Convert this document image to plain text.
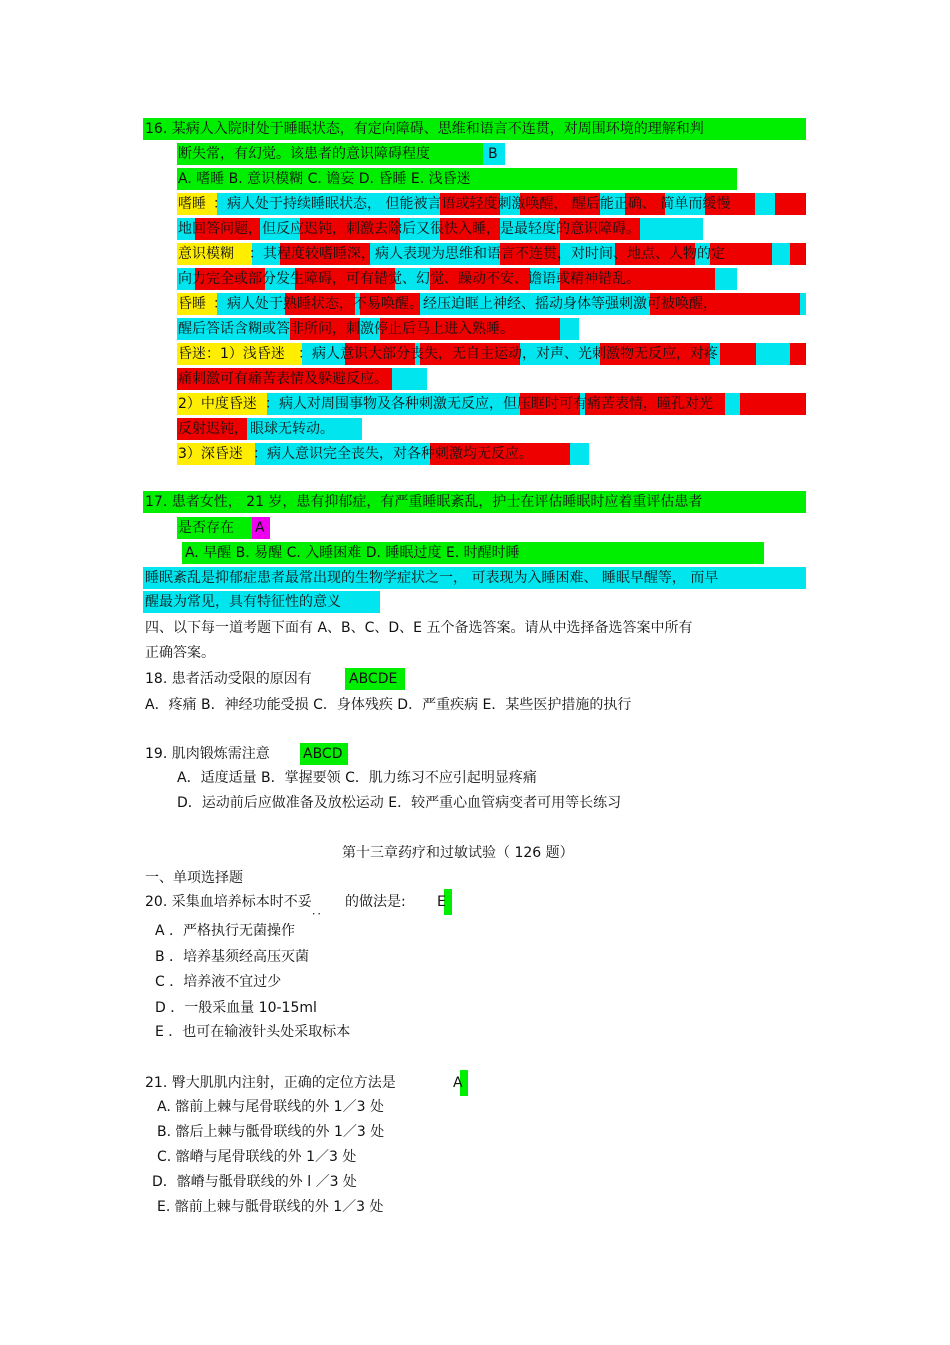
16. 某病人入院时处于睡眠状态，有定向障碍、思维和语言不连贯，对周围环境的理解和判
断失常，有幻觉。该患者的意识障碍程度	B
A. 嗜睡 B. 意识模糊 C. 谵妄 D. 昏睡 E. 浅昏迷
嗜睡 ：病人处于持续睡眠状态， 但能被言语或轻度刺激唤醒， 醒后能正确、 简单而缓慢
地回答问题，但反应迟钝，刺激去除后又很快入睡，是最轻度的意识障碍。
意识模糊 ：其程度较嗜睡深，病人表现为思维和语言不连贯，对时间、地点、人物的定
向力完全或部分发生障碍，可有错觉、幻觉、躁动不安、谵语或精神错乱。
昏睡 ：病人处于熟睡状态，不易唤醒。经压迫眶上神经、摇动身体等强刺激可被唤醒，
醒后答话含糊或答非所问，刺激停止后马上进入熟睡。
昏迷：1）浅昏迷 ：病人意识大部分丧失，无自主运动，对声、光刺激物无反应，对疼
痛刺激可有痛苦表情及躲避反应。
2）中度昏迷 ：病人对周围事物及各种刺激无反应，但压眶时可有痛苦表情，瞳孔对光
反射迟钝， 眼球无转动。
3）深昏迷 ：病人意识完全丧失，对各种刺激均无反应。
17. 患者女性， 21 岁，患有抑郁症，有严重睡眠紊乱，护士在评估睡眠时应着重评估患者
是否存在 A
A. 早醒 B. 易醒 C. 入睡困难 D. 睡眠过度 E. 时醒时睡
睡眠紊乱是抑郁症患者最常出现的生物学症状之一， 可表现为入睡困难、 睡眠早醒等， 而早
醒最为常见，具有特征性的意义
四、以下每一道考题下面有 A、B、C、D、E 五个备选答案。请从中选择备选答案中所有
正确答案。
18. 患者活动受限的原因有	ABCDE
A．疼痛 B．神经功能受损 C．身体残疾 D．严重疾病 E．某些医护措施的执行
19. 肌肉锻炼需注意 ABCD
A．适度适量 B．掌握要领 C．肌力练习不应引起明显疼痛
D．运动前后应做准备及放松运动 E．较严重心血管病变者可用等长练习
第十三章药疗和过敏试验（ 126 题）
一、单项选择题
20. 采集血培养标本时不妥
．．
的做法是: E
A ．严格执行无菌操作
B ．培养基须经高压灭菌
C ．培养液不宜过少
D ．一般采血量 10-15ml
E ．也可在输液针头处采取标本
21. 臀大肌肌内注射，正确的定位方法是	A
A. 髂前上棘与尾骨联线的外 1／3 处
B. 髂后上棘与骶骨联线的外 1／3 处
C. 髂嵴与尾骨联线的外 1／3 处
D．髂嵴与骶骨联线的外 l ／3 处
E. 髂前上棘与骶骨联线的外 1／3 处
